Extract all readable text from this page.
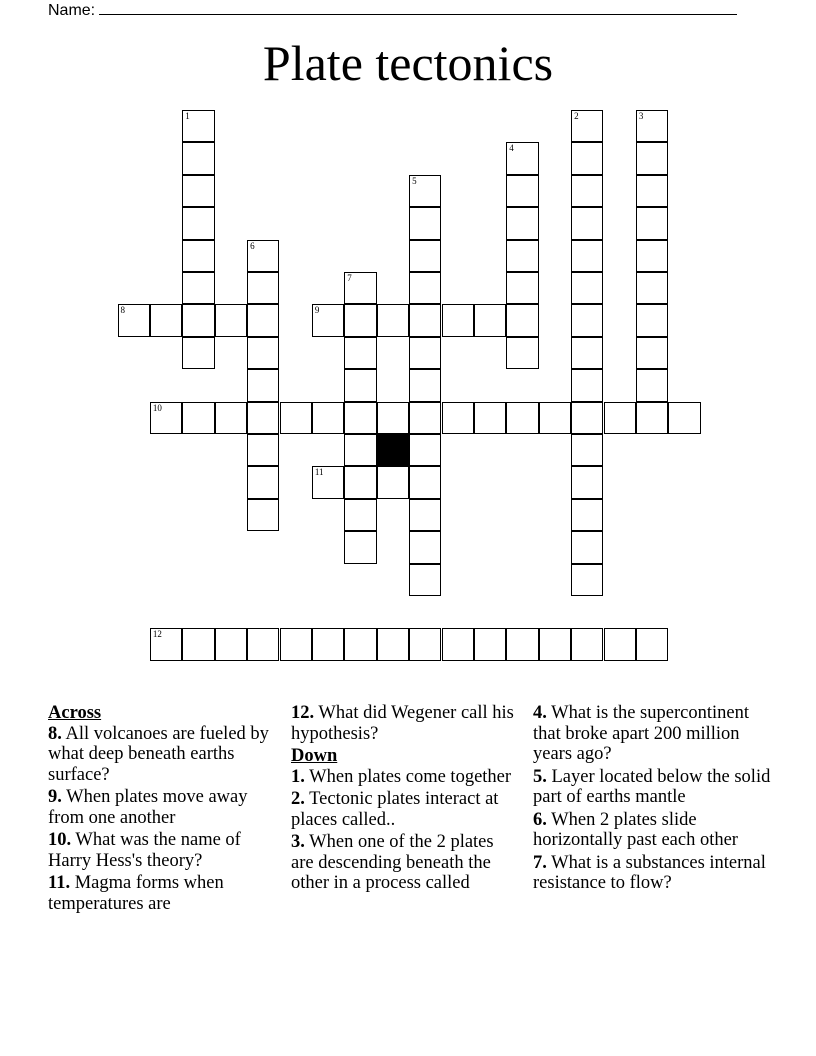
Name:
Plate tectonics
1	2	3
4
5
6
7
8	9
10
11
12
Across
8. All volcanoes are fueled by what deep beneath earths surface?
9. When plates move away from one another
10. What was the name of Harry Hess's theory?
11. Magma forms when temperatures are
12. What did Wegener call his hypothesis?
Down
1. When plates come together
2. Tectonic plates interact at places called..
3. When one of the 2 plates are descending beneath the other in a process called
4. What is the supercontinent that broke apart 200 million years ago?
5. Layer located below the solid part of earths mantle
6. When 2 plates slide horizontally past each other
7. What is a substances internal resistance to flow?
